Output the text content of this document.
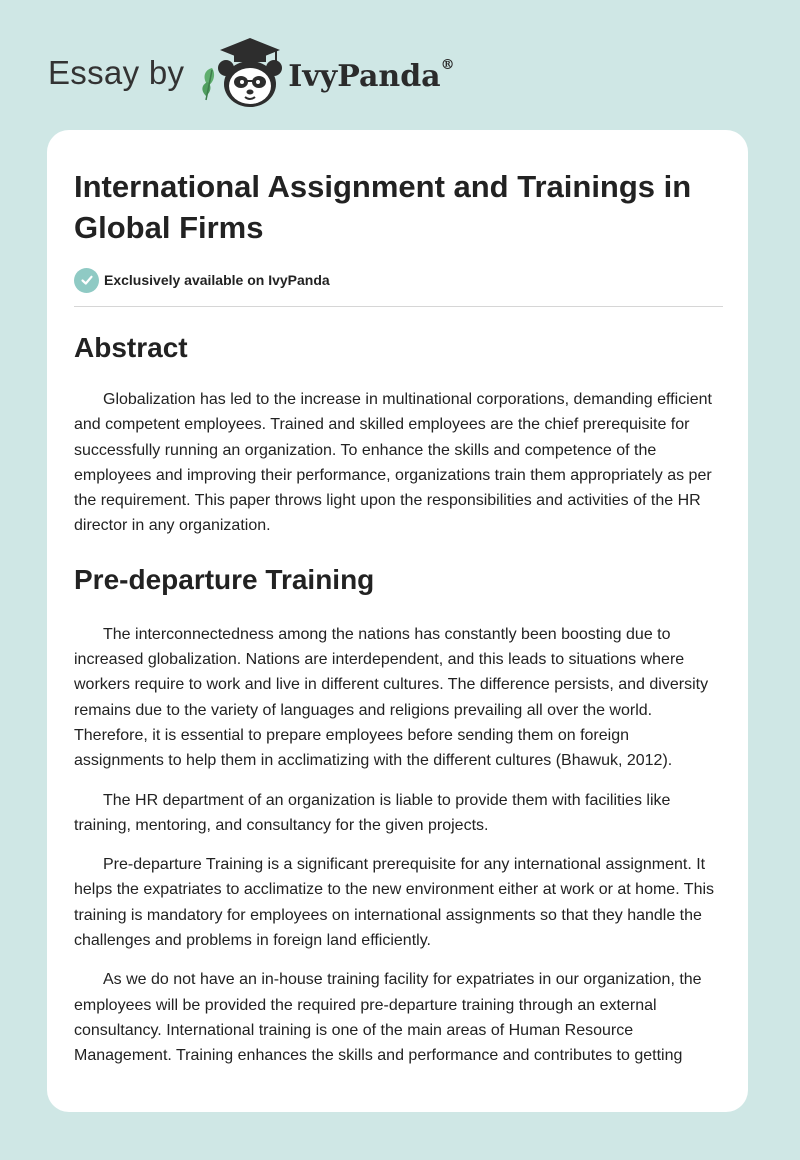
Essay by	IvyPanda®
International Assignment and Trainings in Global Firms
Exclusively available on IvyPanda
Abstract

Globalization has led to the increase in multinational corporations, demanding efficient and competent employees. Trained and skilled employees are the chief prerequisite for successfully running an organization. To enhance the skills and competence of the employees and improving their performance, organizations train them appropriately as per the requirement. This paper throws light upon the responsibilities and activities of the HR director in any organization.

Pre-departure Training

The interconnectedness among the nations has constantly been boosting due to increased globalization. Nations are interdependent, and this leads to situations where workers require to work and live in different cultures. The difference persists, and diversity remains due to the variety of languages and religions prevailing all over the world. Therefore, it is essential to prepare employees before sending them on foreign assignments to help them in acclimatizing with the different cultures (Bhawuk, 2012).

The HR department of an organization is liable to provide them with facilities like training, mentoring, and consultancy for the given projects.

Pre-departure Training is a significant prerequisite for any international assignment. It helps the expatriates to acclimatize to the new environment either at work or at home. This training is mandatory for employees on international assignments so that they handle the challenges and problems in foreign land efficiently.

As we do not have an in-house training facility for expatriates in our organization, the employees will be provided the required pre-departure training through an external consultancy. International training is one of the main areas of Human Resource Management. Training enhances the skills and performance and contributes to getting
